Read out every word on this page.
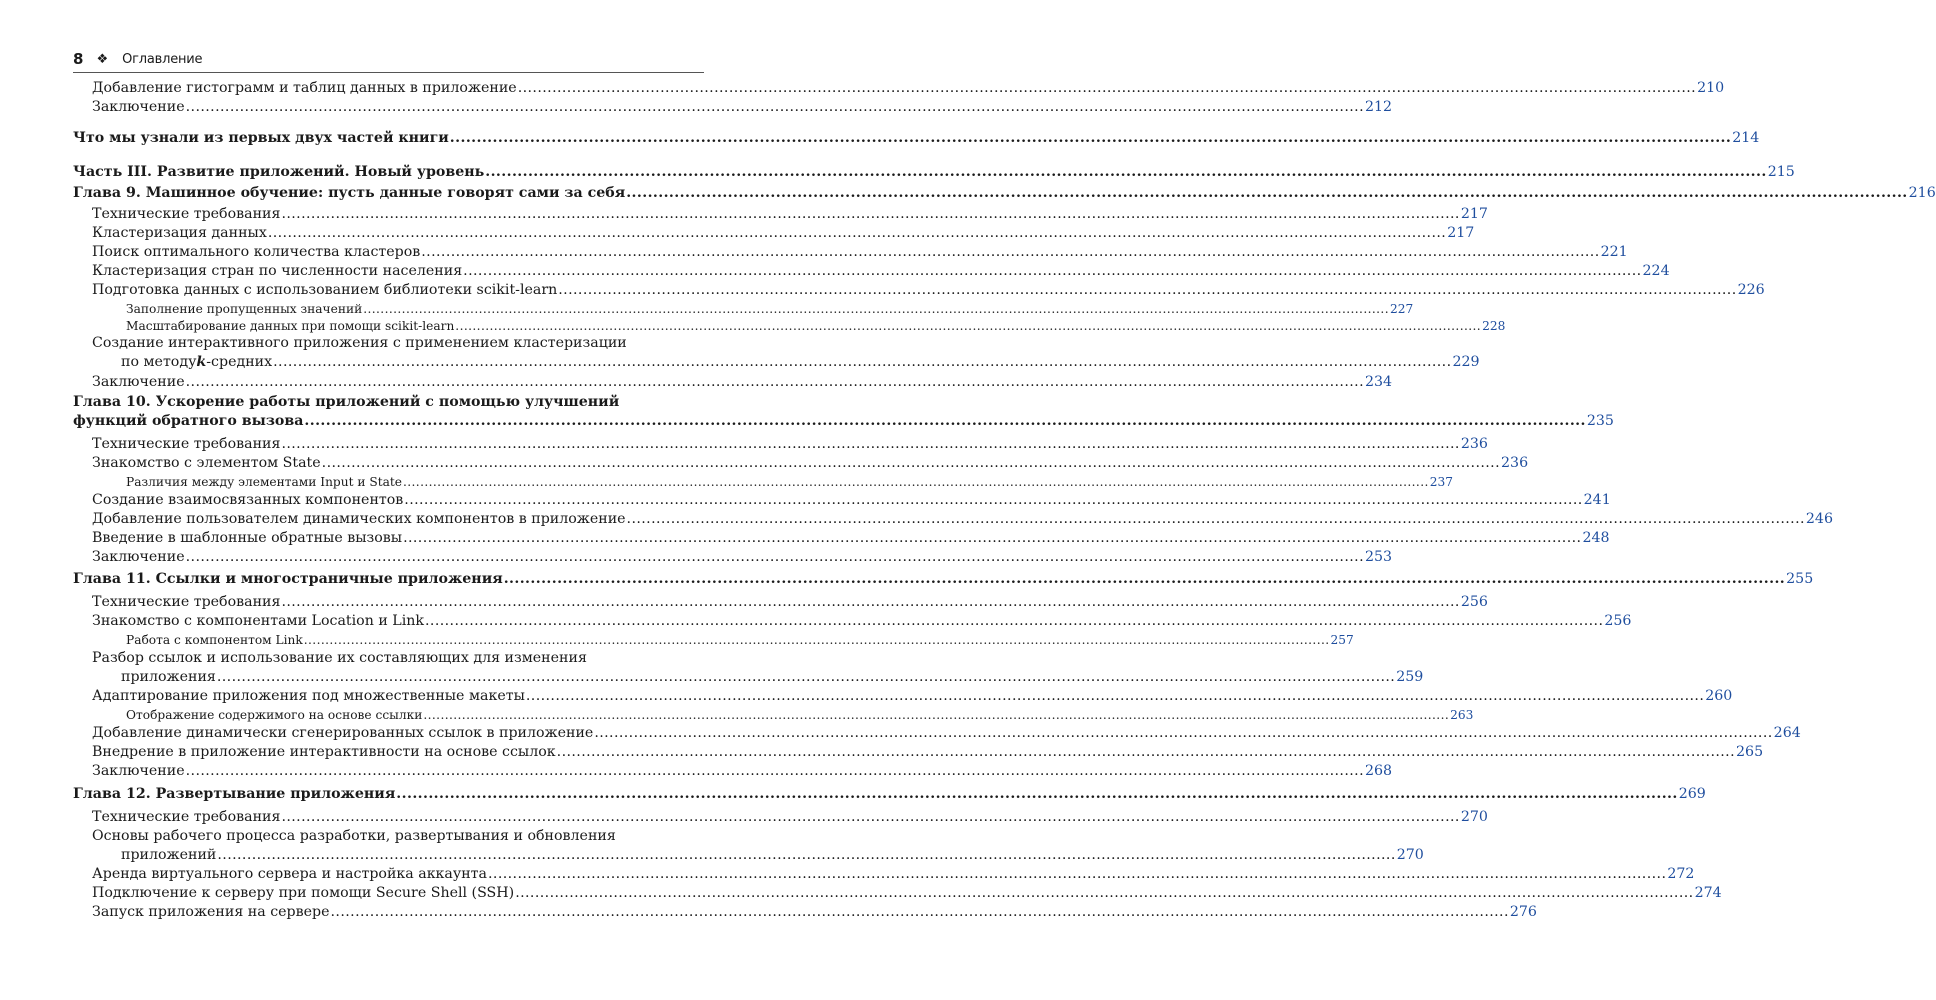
8 ❖ Оглавление
Добавление гистограмм и таблиц данных в приложение .....	210
Заключение .....	212
Что мы узнали из первых двух частей книги .....	214
Часть III. Развитие приложений. Новый уровень .....	215
Глава 9. Машинное обучение: пусть данные говорят сами за себя .....	216
Технические требования .....	217
Кластеризация данных .....	217
Поиск оптимального количества кластеров .....	221
Кластеризация стран по численности населения .....	224
Подготовка данных с использованием библиотеки scikit-learn .....	226
Заполнение пропущенных значений .....	227
Масштабирование данных при помощи scikit-learn .....	228
Создание интерактивного приложения с применением кластеризации
по методу k -средних .....	229
Заключение .....	234
Глава 10. Ускорение работы приложений с помощью улучшений
функций обратного вызова .....	235
Технические требования .....	236
Знакомство с элементом State .....	236
Различия между элементами Input и State .....	237
Создание взаимосвязанных компонентов .....	241
Добавление пользователем динамических компонентов в приложение .....	246
Введение в шаблонные обратные вызовы .....	248
Заключение .....	253
Глава 11. Ссылки и многостраничные приложения .....	255
Технические требования .....	256
Знакомство с компонентами Location и Link .....	256
Работа с компонентом Link .....	257
Разбор ссылок и использование их составляющих для изменения
приложения .....	259
Адаптирование приложения под множественные макеты .....	260
Отображение содержимого на основе ссылки .....	263
Добавление динамически сгенерированных ссылок в приложение .....	264
Внедрение в приложение интерактивности на основе ссылок .....	265
Заключение .....	268
Глава 12. Развертывание приложения .....	269
Технические требования .....	270
Основы рабочего процесса разработки, развертывания и обновления
приложений .....	270
Аренда виртуального сервера и настройка аккаунта .....	272
Подключение к серверу при помощи Secure Shell (SSH) .....	274
Запуск приложения на сервере .....	276
